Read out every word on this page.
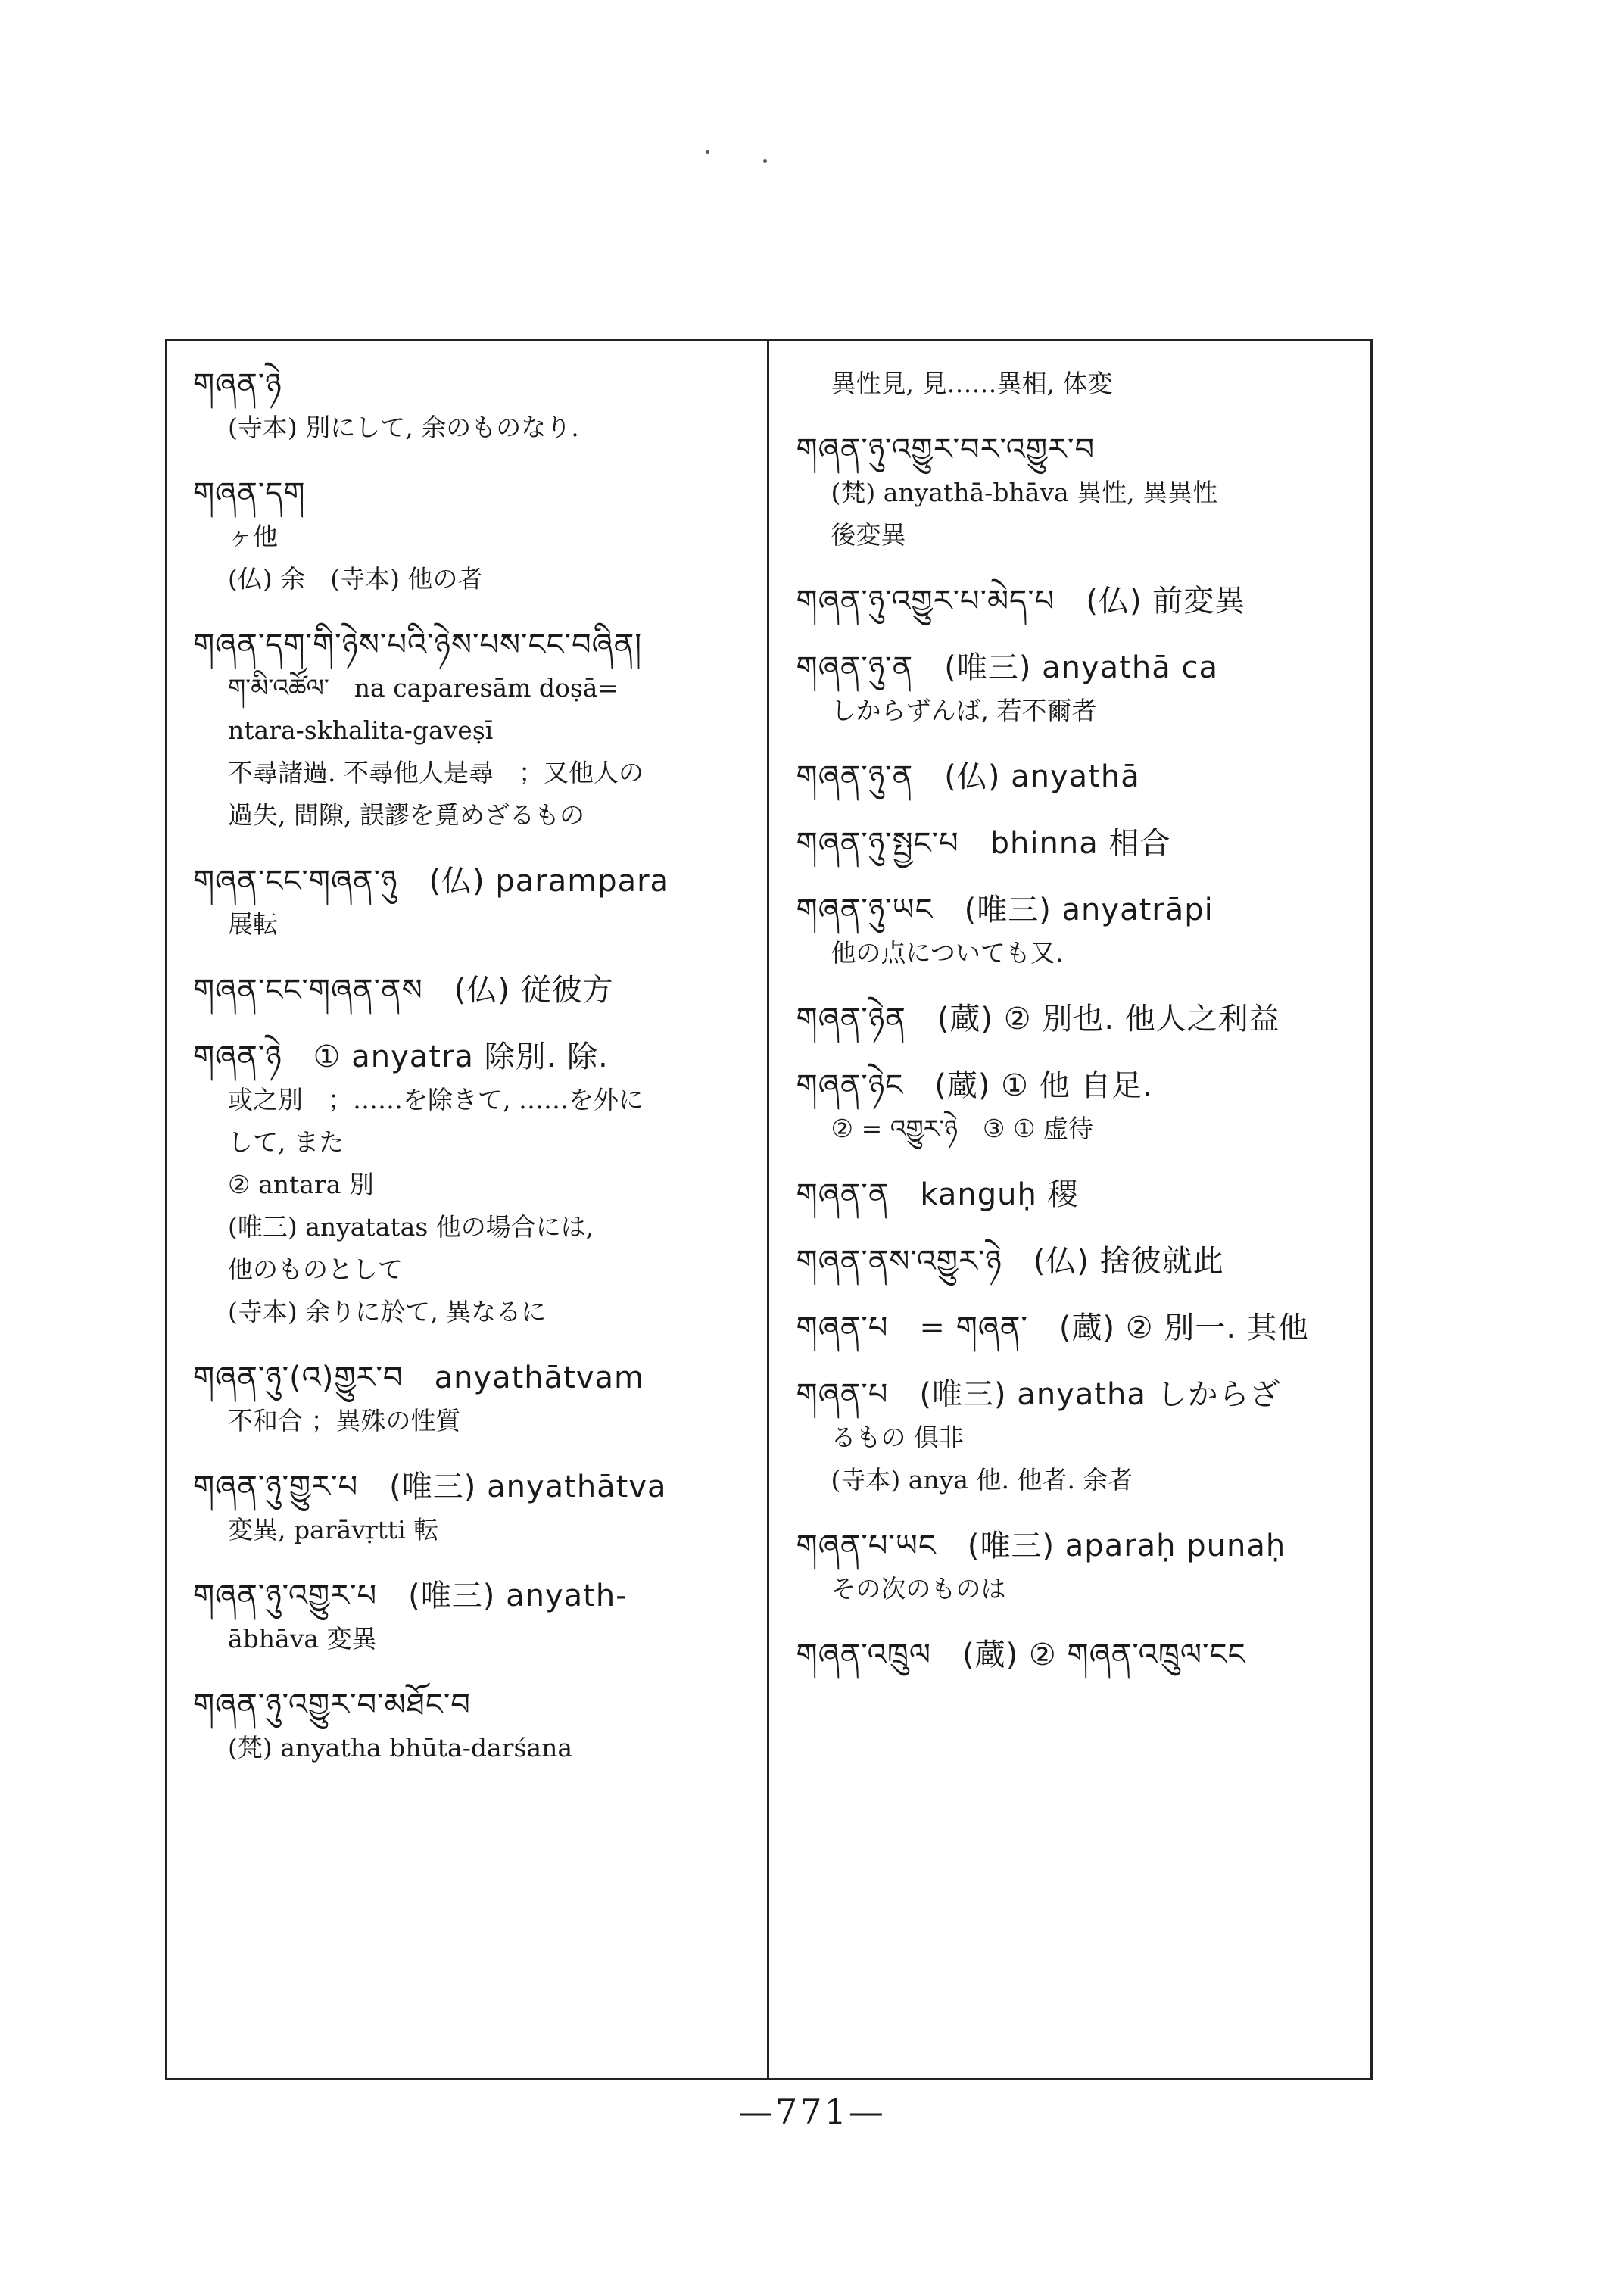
གཞན་ཉེ
(寺本) 別にして, 余のものなり.
གཞན་དག
ヶ他
(仏) 余　(寺本) 他の者
གཞན་དག་གི་ཉེས་པའི་ཉེས་པས་ངང་བཞིན།
ག་མི་འཚོལ་　na caparesām doṣā=
ntara-skhalita-gaveṣī
不尋諸過. 不尋他人是尋　；又他人の
過失, 間隙, 誤謬を覓めざるもの
གཞན་ངང་གཞན་ཉུ　(仏) parampara
展転
གཞན་ངང་གཞན་ནས　(仏) 従彼方
གཞན་ཉེ　① anyatra 除別. 除.
或之別　；……を除きて, ……を外に
して, また
② antara 別
(唯三) anyatatas 他の場合には,
他のものとして
(寺本) 余りに於て, 異なるに
གཞན་ཉུ་(འ)གྱུར་བ　anyathātvam
不和合 ；異殊の性質
གཞན་ཉུ་གྱུར་པ　(唯三) anyathātva
変異, parāvṛtti 転
གཞན་ཉུ་འགྱུར་པ　(唯三) anyath-
ābhāva 変異
གཞན་ཉུ་འགྱུར་བ་མཐོང་བ
(梵) anyatha bhūta-darśana
異性見, 見……異相, 体変
གཞན་ཉུ་འགྱུར་བར་འགྱུར་བ
(梵) anyathā-bhāva 異性, 異異性
後変異
གཞན་ཉུ་འགྱུར་པ་མེད་པ　(仏) 前変異
གཞན་ཉུ་ན　(唯三) anyathā ca
しからずんば, 若不爾者
གཞན་ཉུ་ན　(仏) anyathā
གཞན་ཉུ་སྤྱང་པ　bhinna 相合
གཞན་ཉུ་ཡང　(唯三) anyatrāpi
他の点についても又.
གཞན་ཉེན　(蔵) ② 別也. 他人之利益
གཞན་ཉེང　(蔵) ① 他 自足.
② = འགྱུར་ཉེ　③ ① 虚待
གཞན་ན　kanguḥ 稷
གཞན་ནས་འགྱུར་ཉེ　(仏) 捨彼就此
གཞན་པ　= གཞན་　(蔵) ② 別一. 其他
གཞན་པ　(唯三) anyatha しからざ
るもの 俱非
(寺本) anya 他. 他者. 余者
གཞན་པ་ཡང　(唯三) aparaḥ punaḥ
その次のものは
གཞན་འཁྲུལ　(蔵) ② གཞན་འཁྲུལ་ངང
—771—
